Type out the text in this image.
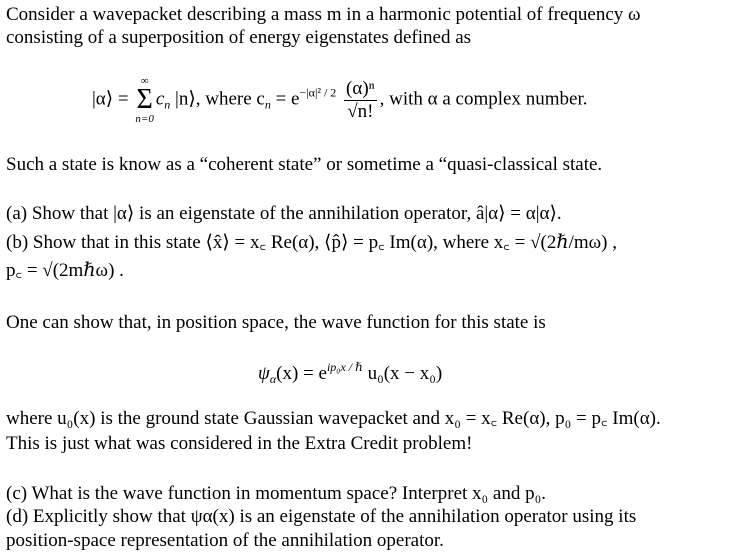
Consider a wavepacket describing a mass m in a harmonic potential of frequency ω
consisting of a superposition of energy eigenstates defined as
|α⟩ =
∞
Σ
n=0
$c_n$ |n⟩, where $c_n = e^{-|\alpha|^2 / 2} \frac{\text{(α)ⁿ}}{√n!}$ , with α a complex number.
Such a state is know as a “coherent state” or sometime a “quasi-classical state.
(a) Show that |α⟩ is an eigenstate of the annihilation operator, â|α⟩ = α|α⟩.
(b) Show that in this state ⟨x̂⟩ = x꜀ Re(α), ⟨p̂⟩ = p꜀ Im(α), where x꜀ = √(2ℏ/mω) ,
p꜀ = √(2mℏω) .
One can show that, in position space, the wave function for this state is
$\psi_\alpha(x) = e^{ip_0x / \hbar}$ u₀(x − x₀)
where u₀(x) is the ground state Gaussian wavepacket and x₀ = x꜀ Re(α), p₀ = p꜀ Im(α).
This is just what was considered in the Extra Credit problem!
(c) What is the wave function in momentum space? Interpret x₀ and p₀.
(d) Explicitly show that ψα(x) is an eigenstate of the annihilation operator using its
position-space representation of the annihilation operator.
